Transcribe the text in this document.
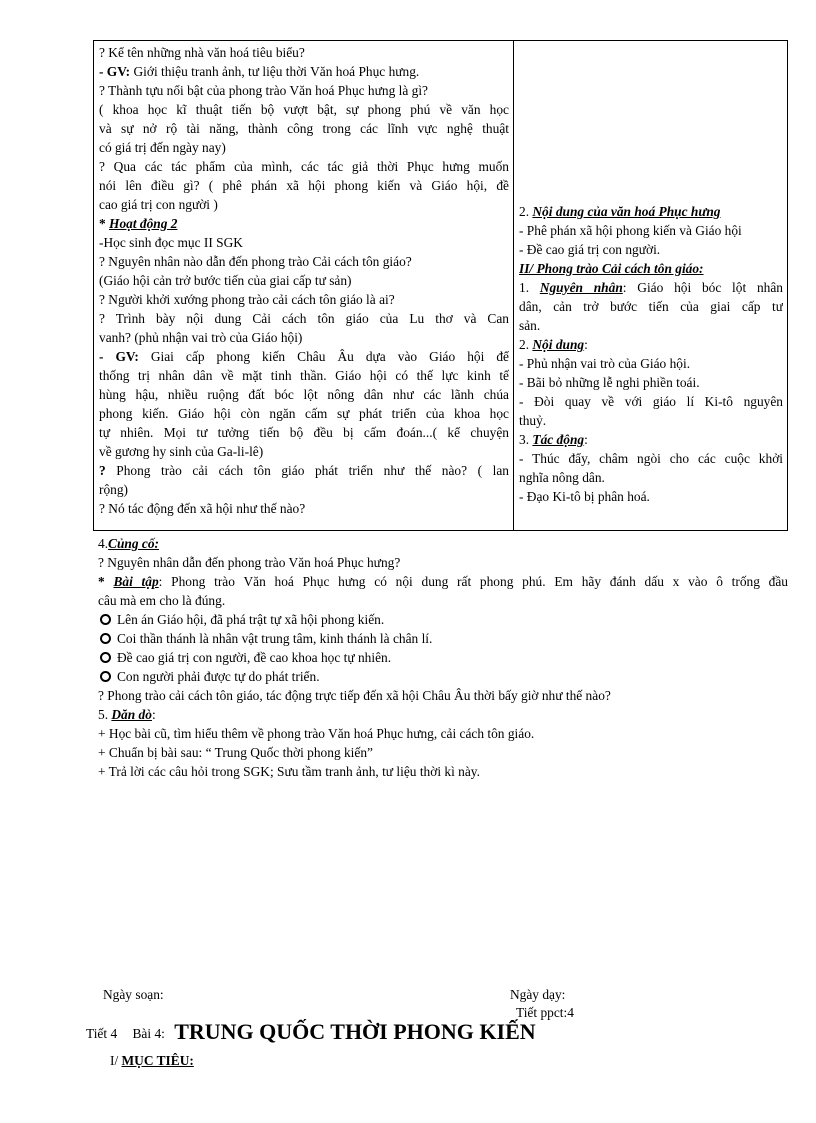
? Kể tên những nhà văn hoá tiêu biểu?
- GV: Giới thiệu tranh ảnh, tư liệu thời Văn hoá Phục hưng.
? Thành tựu nổi bật của phong trào Văn hoá Phục hưng là gì?
( khoa học kĩ thuật tiến bộ vượt bật, sự phong phú về văn học
và sự nở rộ tài năng, thành công trong các lĩnh vực nghệ thuật
có giá trị đến ngày nay)
? Qua các tác phẩm của mình, các tác giả thời Phục hưng muốn
nói lên điều gì? ( phê phán xã hội phong kiến và Giáo hội, đề
cao giá trị con người )
* Hoạt động 2
-Học sinh đọc mục II SGK
? Nguyên nhân nào dẫn đến phong trào Cải cách tôn giáo?
(Giáo hội cản trở bước tiến của giai cấp tư sản)
? Người khởi xướng phong trào cải cách tôn giáo là ai?
? Trình bày nội dung Cải cách tôn giáo của Lu thơ và Can
vanh? (phủ nhận vai trò của Giáo hội)
- GV: Giai cấp phong kiến Châu Âu dựa vào Giáo hội để
thống trị nhân dân về mặt tinh thần. Giáo hội có thế lực kinh tế
hùng hậu, nhiều ruộng đất bóc lột nông dân như các lãnh chúa
phong kiến. Giáo hội còn ngăn cấm sự phát triển của khoa học
tự nhiên. Mọi tư tưởng tiến bộ đều bị cấm đoán...( kể chuyện
về gương hy sinh của Ga-li-lê)
? Phong trào cải cách tôn giáo phát triển như thế nào? ( lan
rộng)
? Nó tác động đến xã hội như thế nào?
2. Nội dung của văn hoá Phục hưng
- Phê phán xã hội phong kiến và Giáo hội
- Đề cao giá trị con người.
II/ Phong trào Cải cách tôn giáo:
1. Nguyên nhân: Giáo hội bóc lột nhân
dân, cản trở bước tiến của giai cấp tư
sản.
2. Nội dung:
- Phủ nhận vai trò của Giáo hội.
- Bãi bỏ những lễ nghi phiền toái.
- Đòi quay về với giáo lí Ki-tô nguyên
thuỷ.
3. Tác động:
- Thúc đẩy, châm ngòi cho các cuộc khởi
nghĩa nông dân.
- Đạo Ki-tô bị phân hoá.
4.Củng cố:
? Nguyên nhân dẫn đến phong trào Văn hoá Phục hưng?
* Bài tập: Phong trào Văn hoá Phục hưng có nội dung rất phong phú. Em hãy đánh dấu x vào ô trống đầu
câu mà em cho là đúng.
Lên án Giáo hội, đã phá trật tự xã hội phong kiến.
Coi thần thánh là nhân vật trung tâm, kinh thánh là chân lí.
Đề cao giá trị con người, đề cao khoa học tự nhiên.
Con người phải được tự do phát triển.
? Phong trào cải cách tôn giáo, tác động trực tiếp đến xã hội Châu Âu thời bấy giờ như thế nào?
5. Dăn dò:
+ Học bài cũ, tìm hiểu thêm về phong trào Văn hoá Phục hưng, cải cách tôn giáo.
+ Chuẩn bị bài sau: “ Trung Quốc thời phong kiến”
+ Trả lời các câu hỏi trong SGK; Sưu tầm tranh ảnh, tư liệu thời kì này.
Ngày soạn:	Ngày dạy:
Tiết ppct:4
Tiết 4 Bài 4: TRUNG QUỐC THỜI PHONG KIẾN
I/ MỤC TIÊU:
